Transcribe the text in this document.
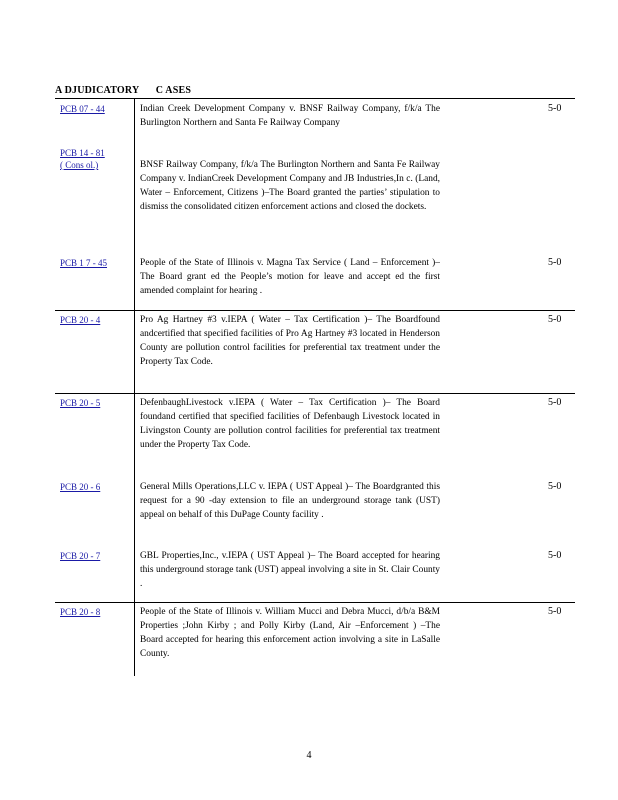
A DJUDICATORY C ASES
PCB 07 - 44	Indian Creek Development Company v. BNSF Railway Company, f/k/a The Burlington Northern and Santa Fe Railway Company
5-0
PCB 14 - 81
( Cons ol.)	BNSF Railway Company, f/k/a The Burlington Northern and Santa Fe Railway Company v. IndianCreek Development Company and JB Industries,In c. (Land, Water – Enforcement, Citizens )–The Board granted the parties’ stipulation to dismiss the consolidated citizen enforcement actions and closed the dockets.
PCB 1 7 - 45	People of the State of Illinois v. Magna Tax Service ( Land – Enforcement )–The Board grant ed the People’s motion for leave and accept ed the first amended complaint for hearing .
5-0
PCB 20 - 4	Pro Ag Hartney #3 v.IEPA ( Water – Tax Certification )– The Boardfound andcertified that specified facilities of Pro Ag Hartney #3 located in Henderson County are pollution control facilities for preferential tax treatment under the Property Tax Code.
5-0
PCB 20 - 5	DefenbaughLivestock v.IEPA ( Water – Tax Certification )– The Board foundand certified that specified facilities of Defenbaugh Livestock located in Livingston County are pollution control facilities for preferential tax treatment under the Property Tax Code.
5-0
PCB 20 - 6	General Mills Operations,LLC v. IEPA ( UST Appeal )– The Boardgranted this request for a 90 -day extension to file an underground storage tank (UST) appeal on behalf of this DuPage County facility .
5-0
PCB 20 - 7	GBL Properties,Inc., v.IEPA ( UST Appeal )– The Board accepted for hearing this underground storage tank (UST) appeal involving a site in St. Clair County .
5-0
PCB 20 - 8	People of the State of Illinois v. William Mucci and Debra Mucci, d/b/a B&M Properties ;John Kirby ; and Polly Kirby (Land, Air –Enforcement ) –The Board accepted for hearing this enforcement action involving a site in LaSalle County.
5-0
4
